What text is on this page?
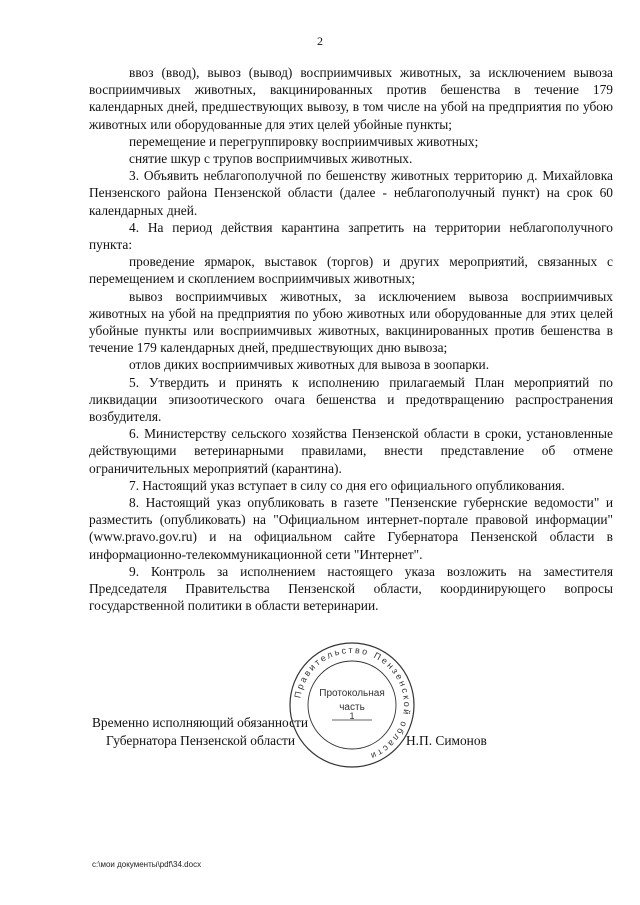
2

ввоз (ввод), вывоз (вывод) восприимчивых животных, за исключением вывоза восприимчивых животных, вакцинированных против бешенства в течение 179 календарных дней, предшествующих вывозу, в том числе на убой на предприятия по убою животных или оборудованные для этих целей убойные пункты;

перемещение и перегруппировку восприимчивых животных;

снятие шкур с трупов восприимчивых животных.

3. Объявить неблагополучной по бешенству животных территорию д. Михайловка Пензенского района Пензенской области (далее - неблагополучный пункт) на срок 60 календарных дней.

4. На период действия карантина запретить на территории неблагополучного пункта:

проведение ярмарок, выставок (торгов) и других мероприятий, связанных с перемещением и скоплением восприимчивых животных;

вывоз восприимчивых животных, за исключением вывоза восприимчивых животных на убой на предприятия по убою животных или оборудованные для этих целей убойные пункты или восприимчивых животных, вакцинированных против бешенства в течение 179 календарных дней, предшествующих дню вывоза;

отлов диких восприимчивых животных для вывоза в зоопарки.

5. Утвердить и принять к исполнению прилагаемый План мероприятий по ликвидации эпизоотического очага бешенства и предотвращению распространения возбудителя.

6. Министерству сельского хозяйства Пензенской области в сроки, установленные действующими ветеринарными правилами, внести представление об отмене ограничительных мероприятий (карантина).

7. Настоящий указ вступает в силу со дня его официального опубликования.

8. Настоящий указ опубликовать в газете "Пензенские губернские ведомости" и разместить (опубликовать) на "Официальном интернет-портале правовой информации" (www.pravo.gov.ru) и на официальном сайте Губернатора Пензенской области в информационно-телекоммуникационной сети "Интернет".

9. Контроль за исполнением настоящего указа возложить на заместителя Председателя Правительства Пензенской области, координирующего вопросы государственной политики в области ветеринарии.

Временно исполняющий обязанности
Губернатора Пензенской области	Н.П. Симонов
Правительство Пензенской области
Протокольная
часть
1
c:\мои документы\pdf\34.docx
